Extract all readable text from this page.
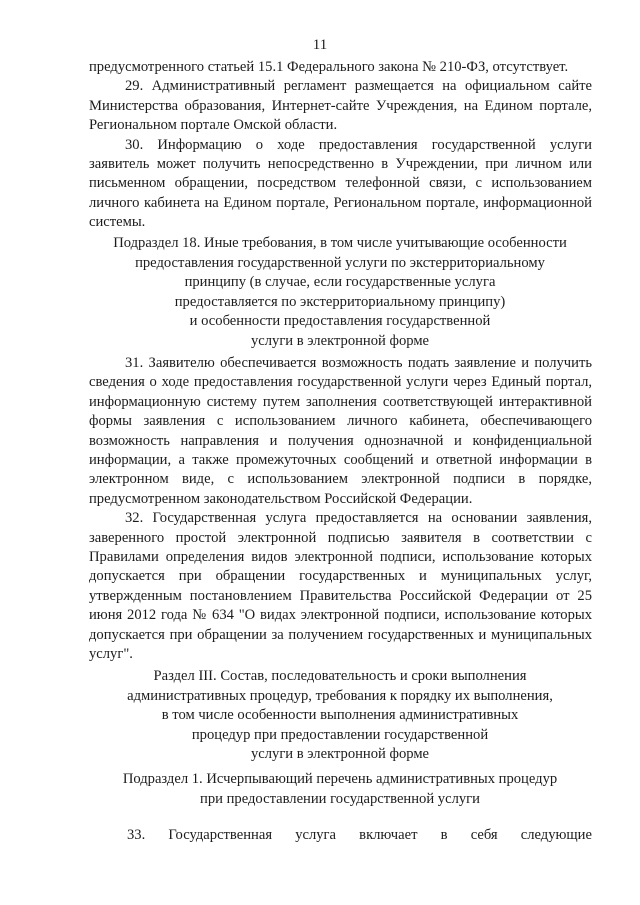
11

предусмотренного статьей 15.1 Федерального закона № 210-ФЗ, отсутствует.

29. Административный регламент размещается на официальном сайте Министерства образования, Интернет-сайте Учреждения, на Едином портале, Региональном портале Омской области.

30. Информацию о ходе предоставления государственной услуги заявитель может получить непосредственно в Учреждении, при личном или письменном обращении, посредством телефонной связи, с использованием личного кабинета на Едином портале, Региональном портале, информационной системы.

Подраздел 18. Иные требования, в том числе учитывающие особенности
предоставления государственной услуги по экстерриториальному
принципу (в случае, если государственные услуга
предоставляется по экстерриториальному принципу)
и особенности предоставления государственной
услуги в электронной форме

31. Заявителю обеспечивается возможность подать заявление и получить сведения о ходе предоставления государственной услуги через Единый портал, информационную систему путем заполнения соответствующей интерактивной формы заявления с использованием личного кабинета, обеспечивающего возможность направления и получения однозначной и конфиденциальной информации, а также промежуточных сообщений и ответной информации в электронном виде, с использованием электронной подписи в порядке, предусмотренном законодательством Российской Федерации.

32. Государственная услуга предоставляется на основании заявления, заверенного простой электронной подписью заявителя в соответствии с Правилами определения видов электронной подписи, использование которых допускается при обращении государственных и муниципальных услуг, утвержденным постановлением Правительства Российской Федерации от 25 июня 2012 года № 634 "О видах электронной подписи, использование которых допускается при обращении за получением государственных и муниципальных услуг".

Раздел III. Состав, последовательность и сроки выполнения
административных процедур, требования к порядку их выполнения,
в том числе особенности выполнения административных
процедур при предоставлении государственной
услуги в электронной форме
Подраздел 1. Исчерпывающий перечень административных процедур
при предоставлении государственной услуги
33. Государственная услуга включает в себя следующие
